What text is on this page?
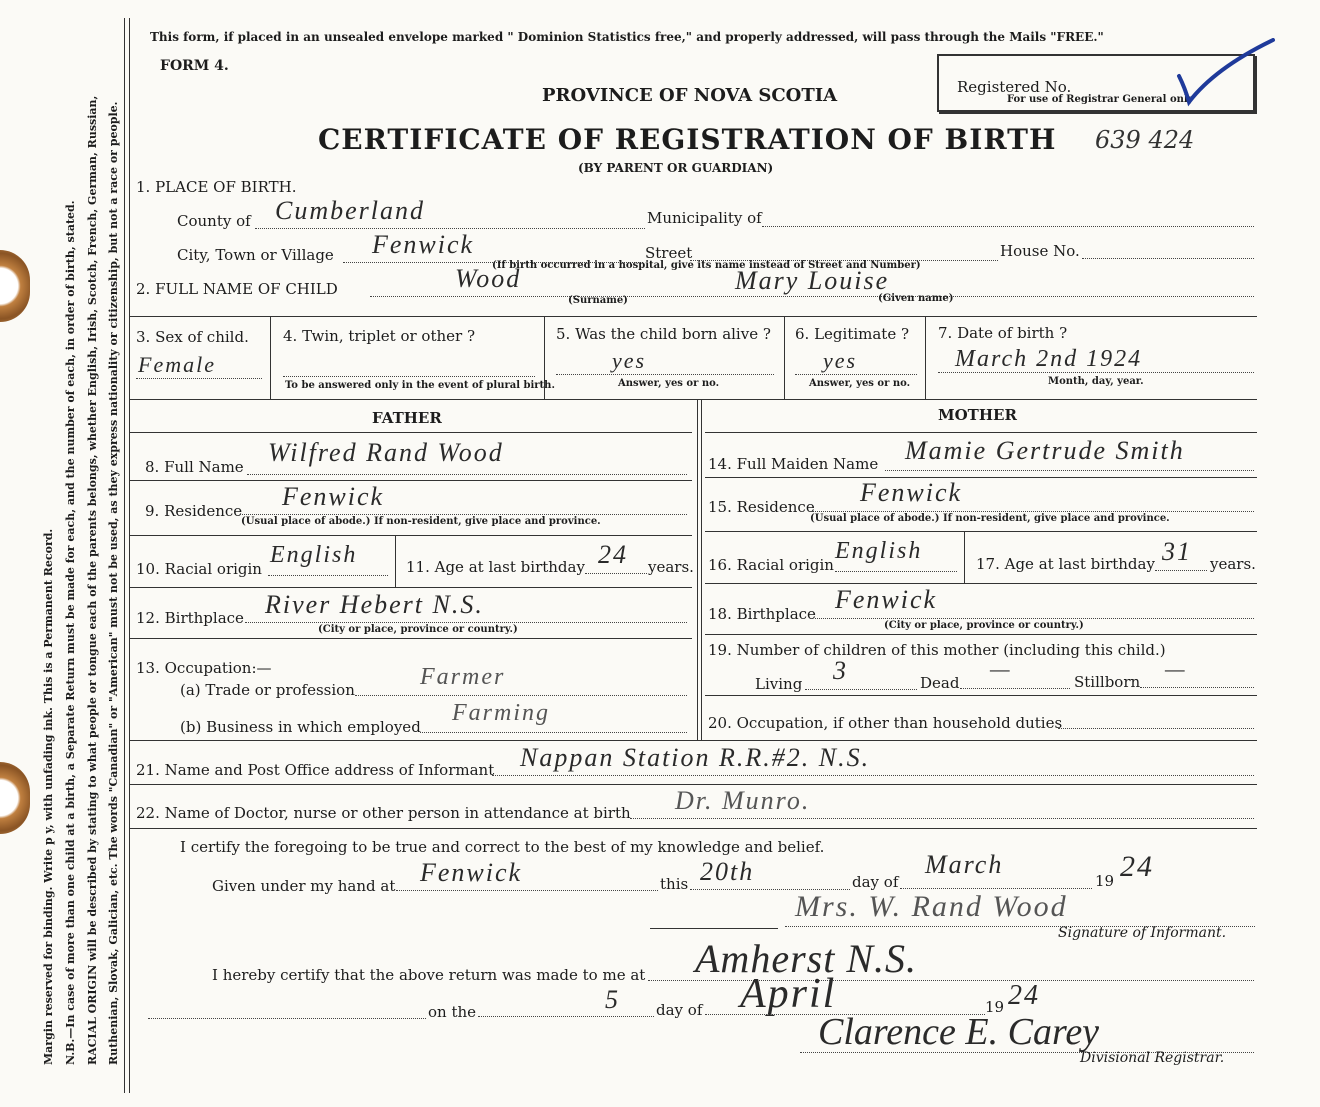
Margin reserved for binding. Write p y, with unfading ink. This is a Permanent Record. N.B.—In case of more than one child at a birth, a Separate Return must be made for each, and the number of each, in order of birth, stated. RACIAL ORIGIN will be described by stating to what people or tongue each of the parents belongs, whether English, Irish, Scotch, French, German, Russian, Ruthenian, Slovak, Galician, etc. The words "Canadian" or "American" must not be used, as they express nationality or citizenship, but not a race or people.
This form, if placed in an unsealed envelope marked " Dominion Statistics free," and properly addressed, will pass through the Mails "FREE."
FORM 4.
PROVINCE OF NOVA SCOTIA
CERTIFICATE OF REGISTRATION OF BIRTH
(BY PARENT OR GUARDIAN)
639 424
Registered No.
For use of Registrar General only
1. PLACE OF BIRTH.
County of Cumberland	Municipality of
City, Town or Village Fenwick	Street	House No.
(If birth occurred in a hospital, give its name instead of Street and Number)
2. FULL NAME OF CHILD	Wood
(Surname)
Mary Louise
(Given name)
3. Sex of child.
Female
4. Twin, triplet or other ?
To be answered only in the event of plural birth.
5. Was the child born alive ?
yes
Answer, yes or no.
6. Legitimate ?
yes
Answer, yes or no.
7. Date of birth ?
March 2nd 1924
Month, day, year.
FATHER	MOTHER
8. Full Name Wilfred Rand Wood
9. Residence Fenwick
(Usual place of abode.) If non-resident, give place and province.
10. Racial origin
English	11. Age at last birthday 24 years.
12. Birthplace River Hebert N.S.
(City or place, province or country.)
13. Occupation:—
(a) Trade or profession	Farmer
(b) Business in which employed
Farming
14. Full Maiden Name Mamie Gertrude Smith
15. Residence Fenwick
(Usual place of abode.) If non-resident, give place and province.
16. Racial origin
English	17. Age at last birthday 31 years.
18. Birthplace Fenwick
(City or place, province or country.)
19. Number of children of this mother (including this child.)
Living 3	Dead
—
Stillborn
—
20. Occupation, if other than household duties
21. Name and Post Office address of Informant Nappan Station R.R.#2. N.S.
22. Name of Doctor, nurse or other person in attendance at birth Dr. Munro.
I certify the foregoing to be true and correct to the best of my knowledge and belief.
Given under my hand at Fenwick	this 20th	day of
March
19 24
Mrs. W. Rand Wood
Signature of Informant.
I hereby certify that the above return was made to me at Amherst N.S.
on the	5 day of April	19 24
Clarence E. Carey
Divisional Registrar.
